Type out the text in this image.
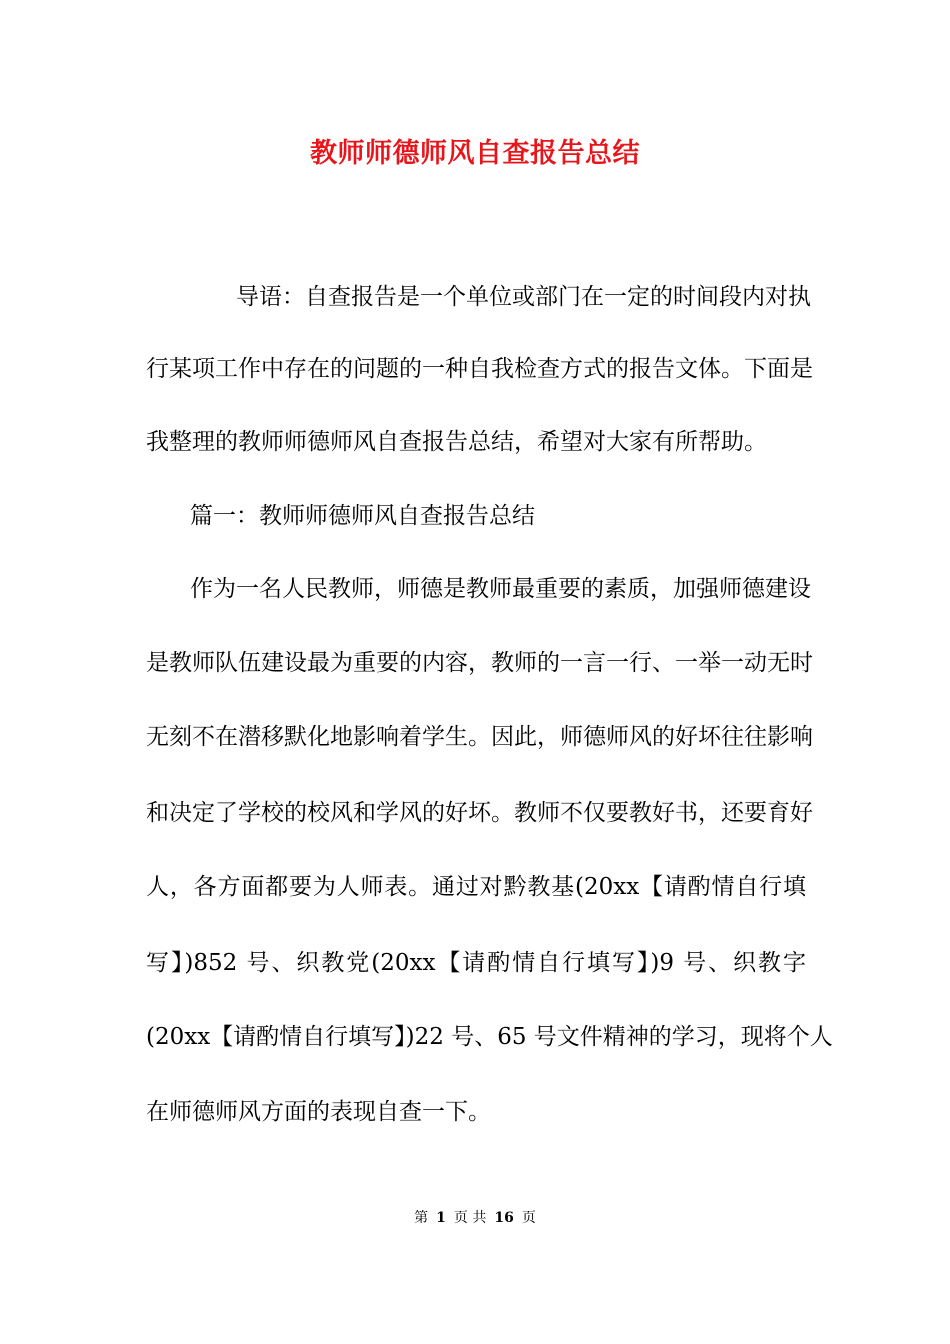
教师师德师风自查报告总结

导语：自查报告是一个单位或部门在一定的时间段内对执

行某项工作中存在的问题的一种自我检查方式的报告文体。下面是

我整理的教师师德师风自查报告总结，希望对大家有所帮助。

篇一：教师师德师风自查报告总结

作为一名人民教师，师德是教师最重要的素质，加强师德建设

是教师队伍建设最为重要的内容，教师的一言一行、一举一动无时

无刻不在潜移默化地影响着学生。因此，师德师风的好坏往往影响

和决定了学校的校风和学风的好坏。教师不仅要教好书，还要育好

人，各方面都要为人师表。通过对黔教基(20xx【请酌情自行填

写】)852 号、织教党(20xx【请酌情自行填写】)9 号、织教字

(20xx【请酌情自行填写】)22 号、65 号文件精神的学习，现将个人

在师德师风方面的表现自查一下。

第 1 页 共 16 页
